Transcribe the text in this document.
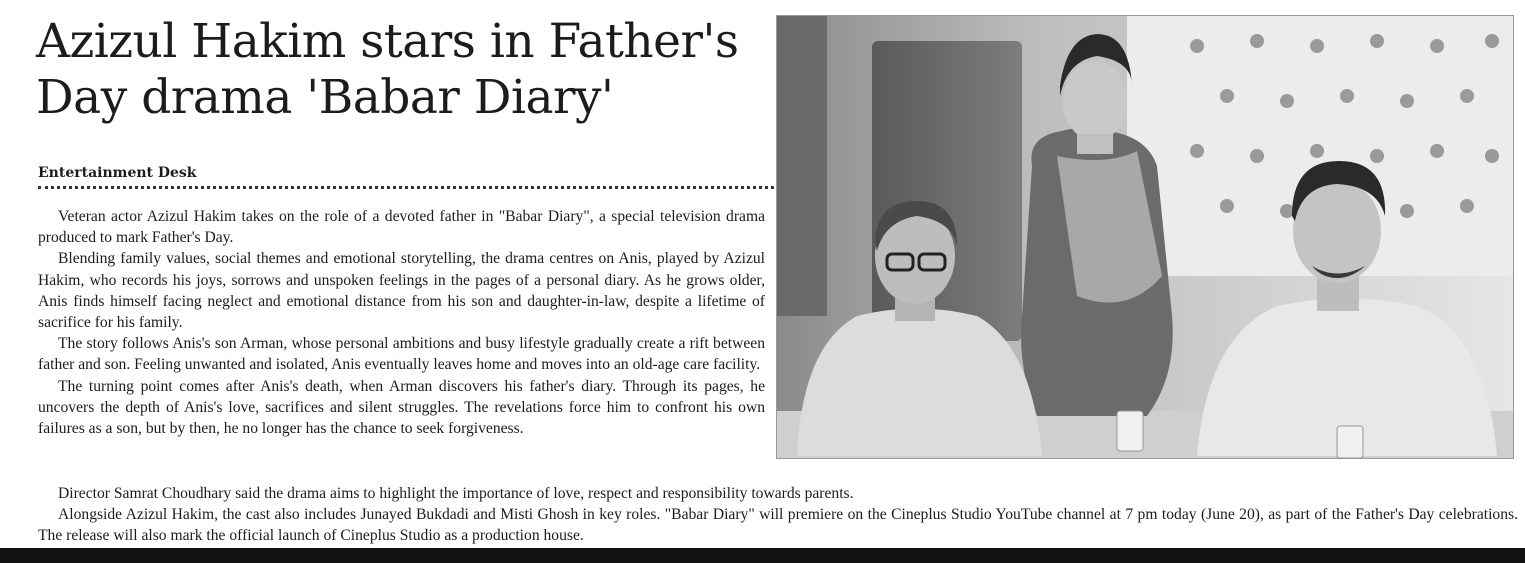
Azizul Hakim stars in Father's
Day drama 'Babar Diary'
Entertainment Desk

Veteran actor Azizul Hakim takes on the role of a devoted father in "Babar Diary", a special television drama produced to mark Father's Day.

Blending family values, social themes and emotional storytelling, the drama centres on Anis, played by Azizul Hakim, who records his joys, sorrows and unspoken feelings in the pages of a personal diary. As he grows older, Anis finds himself facing neglect and emotional distance from his son and daughter-in-law, despite a lifetime of sacrifice for his family.

The story follows Anis's son Arman, whose personal ambitions and busy lifestyle gradually create a rift between father and son. Feeling unwanted and isolated, Anis eventually leaves home and moves into an old-age care facility.

The turning point comes after Anis's death, when Arman discovers his father's diary. Through its pages, he uncovers the depth of Anis's love, sacrifices and silent struggles. The revelations force him to confront his own failures as a son, but by then, he no longer has the chance to seek forgiveness.

Director Samrat Choudhary said the drama aims to highlight the importance of love, respect and responsibility towards parents.

Alongside Azizul Hakim, the cast also includes Junayed Bukdadi and Misti Ghosh in key roles. "Babar Diary" will premiere on the Cineplus Studio YouTube channel at 7 pm today (June 20), as part of the Father's Day celebrations. The release will also mark the official launch of Cineplus Studio as a production house.
